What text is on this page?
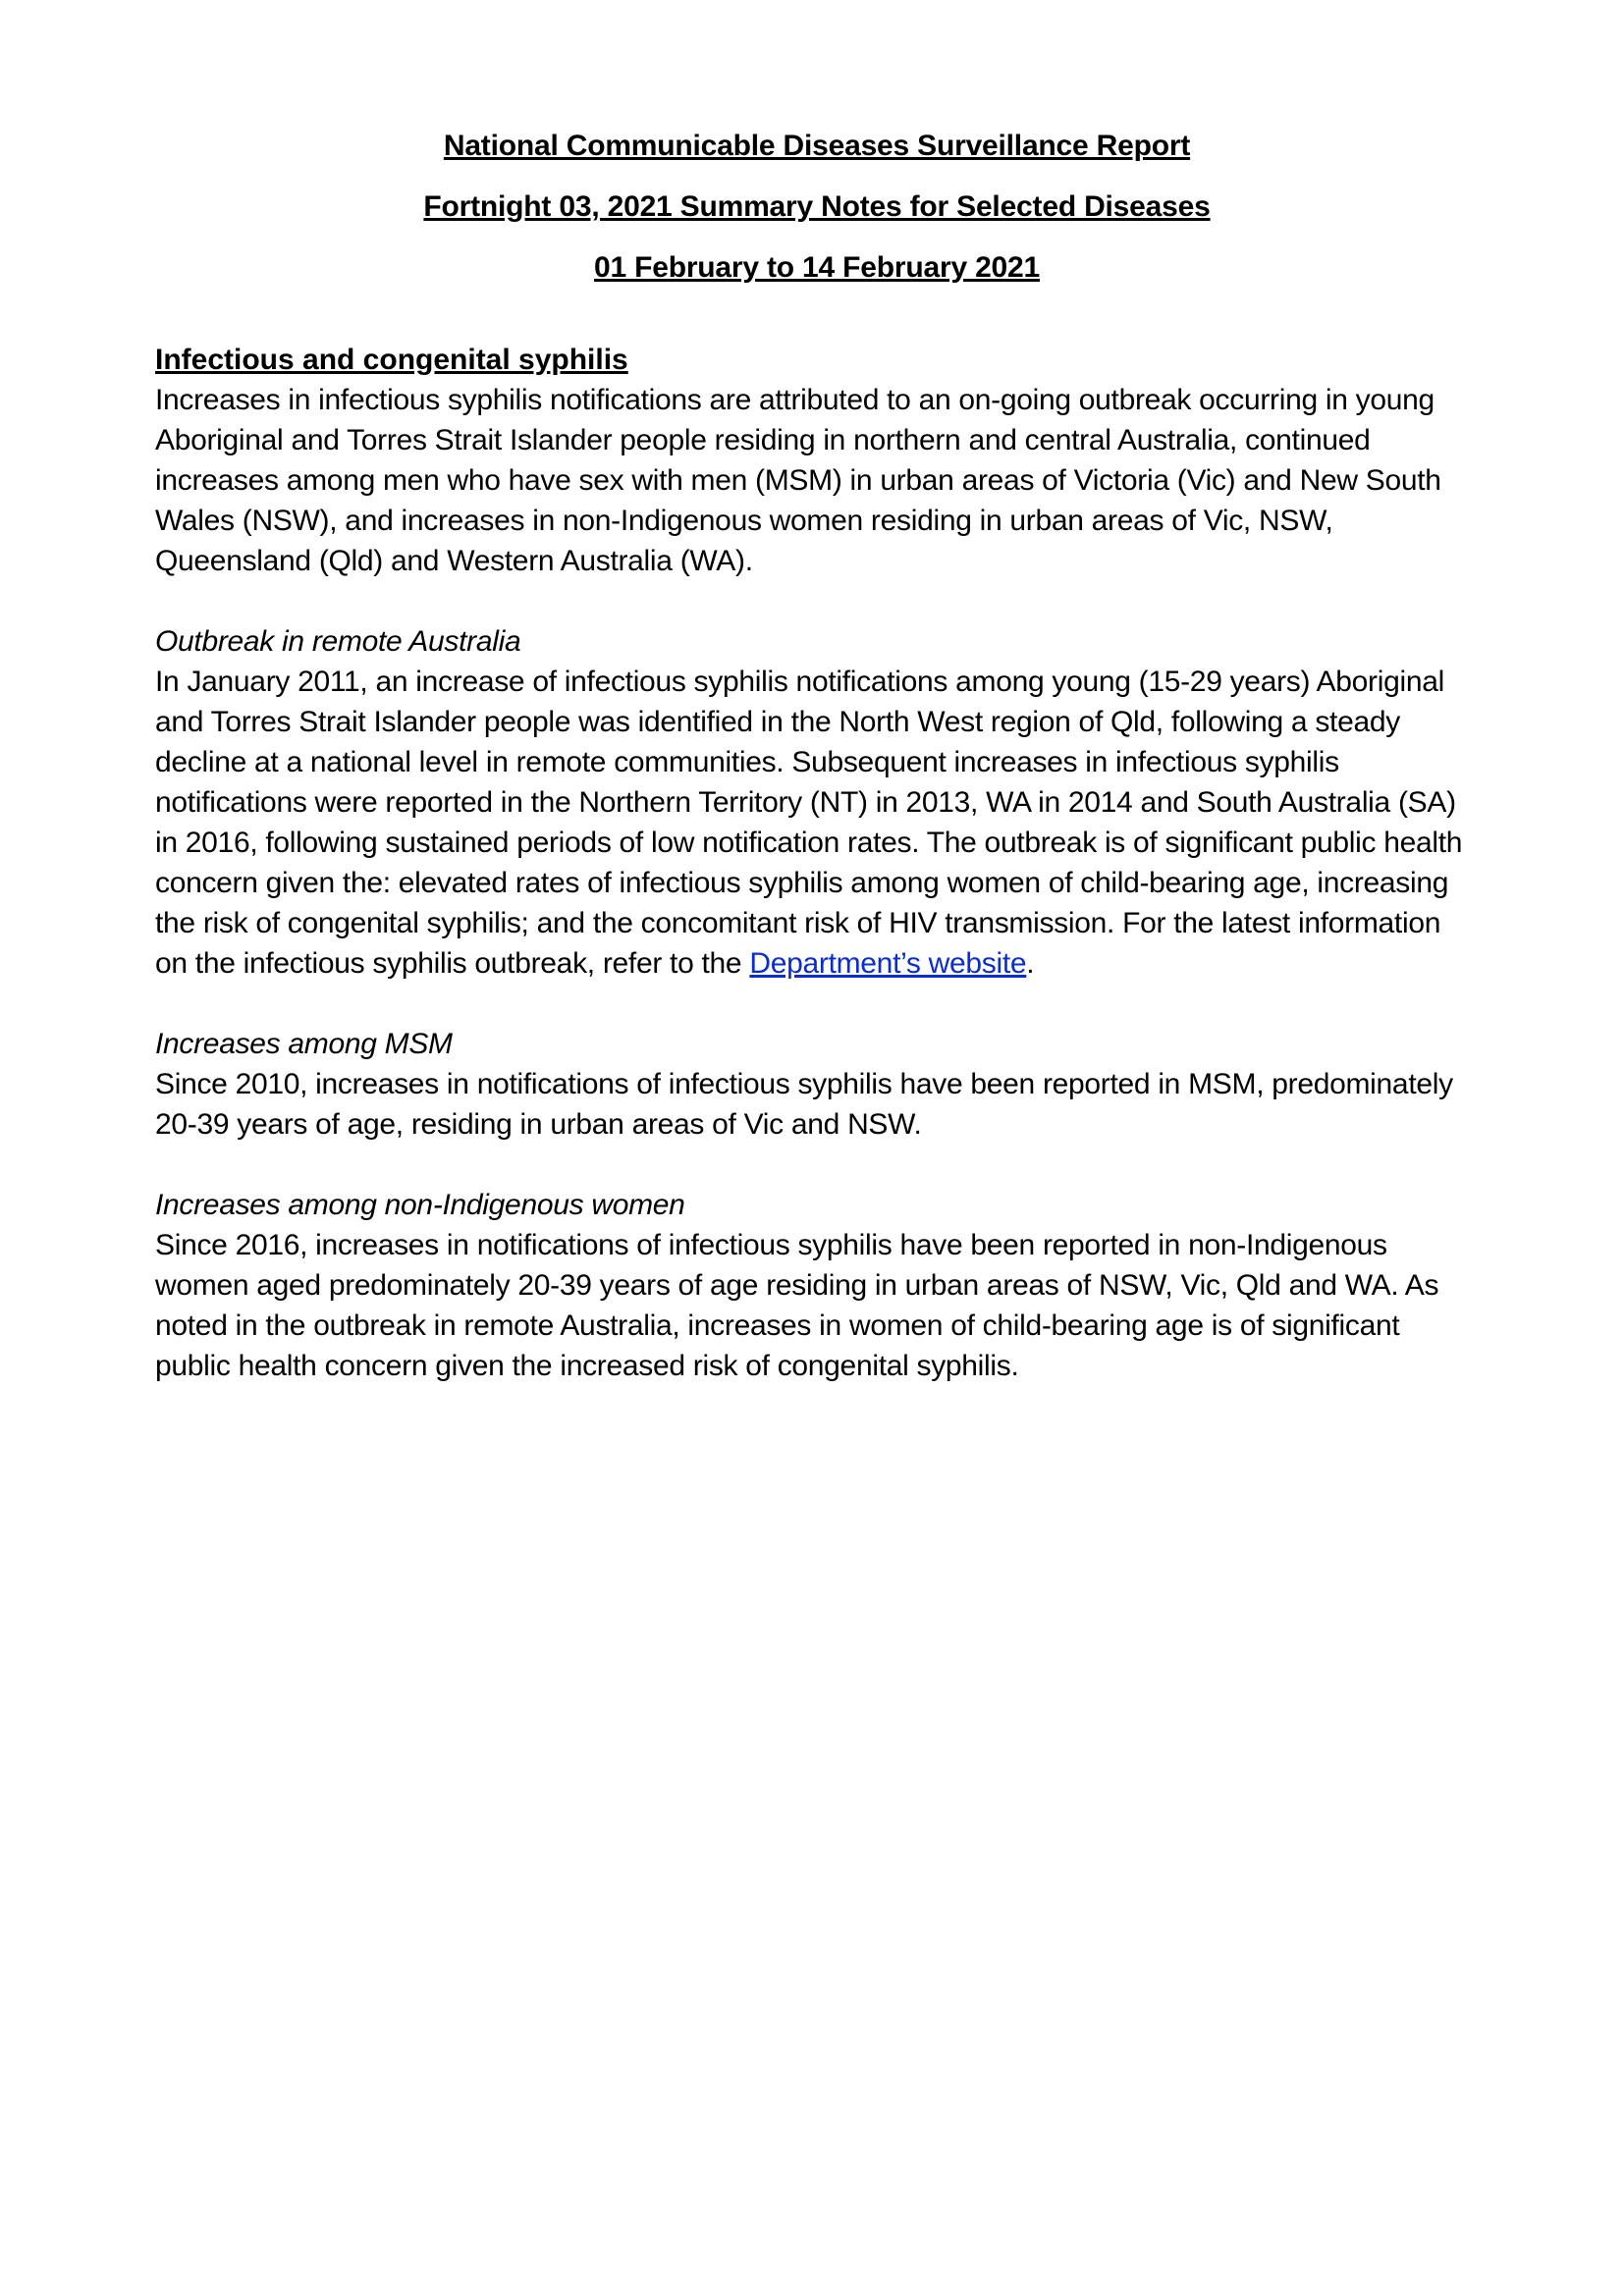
National Communicable Diseases Surveillance Report
Fortnight 03, 2021 Summary Notes for Selected Diseases
01 February to 14 February 2021
Infectious and congenital syphilis

Increases in infectious syphilis notifications are attributed to an on-going outbreak occurring in young Aboriginal and Torres Strait Islander people residing in northern and central Australia, continued increases among men who have sex with men (MSM) in urban areas of Victoria (Vic) and New South Wales (NSW), and increases in non-Indigenous women residing in urban areas of Vic, NSW, Queensland (Qld) and Western Australia (WA).

Outbreak in remote Australia

In January 2011, an increase of infectious syphilis notifications among young (15-29 years) Aboriginal and Torres Strait Islander people was identified in the North West region of Qld, following a steady decline at a national level in remote communities. Subsequent increases in infectious syphilis notifications were reported in the Northern Territory (NT) in 2013, WA in 2014 and South Australia (SA) in 2016, following sustained periods of low notification rates. The outbreak is of significant public health concern given the: elevated rates of infectious syphilis among women of child-bearing age, increasing the risk of congenital syphilis; and the concomitant risk of HIV transmission. For the latest information on the infectious syphilis outbreak, refer to the Department’s website.

Increases among MSM

Since 2010, increases in notifications of infectious syphilis have been reported in MSM, predominately 20-39 years of age, residing in urban areas of Vic and NSW.

Increases among non-Indigenous women

Since 2016, increases in notifications of infectious syphilis have been reported in non-Indigenous women aged predominately 20-39 years of age residing in urban areas of NSW, Vic, Qld and WA. As noted in the outbreak in remote Australia, increases in women of child-bearing age is of significant public health concern given the increased risk of congenital syphilis.
